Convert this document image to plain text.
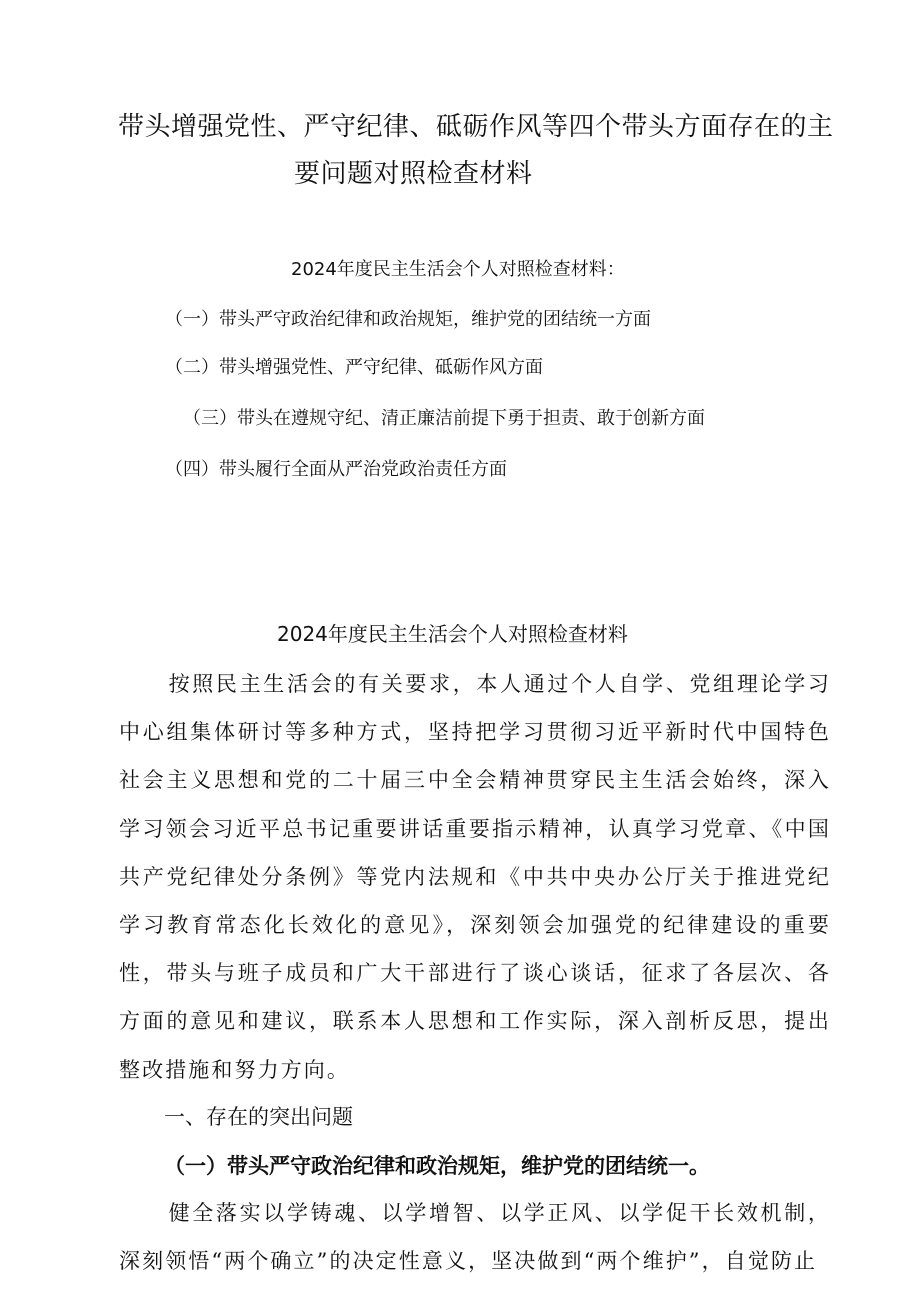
带头增强党性、严守纪律、砥砺作风等四个带头方面存在的主
要问题对照检查材料
2024年度民主生活会个人对照检查材料：
（一）带头严守政治纪律和政治规矩，维护党的团结统一方面
（二）带头增强党性、严守纪律、砥砺作风方面
（三）带头在遵规守纪、清正廉洁前提下勇于担责、敢于创新方面
（四）带头履行全面从严治党政治责任方面
2024年度民主生活会个人对照检查材料
按照民主生活会的有关要求，本人通过个人自学、党组理论学习中心组集体研讨等多种方式，坚持把学习贯彻习近平新时代中国特色社会主义思想和党的二十届三中全会精神贯穿民主生活会始终，深入学习领会习近平总书记重要讲话重要指示精神，认真学习党章、《中国共产党纪律处分条例》等党内法规和《中共中央办公厅关于推进党纪学习教育常态化长效化的意见》，深刻领会加强党的纪律建设的重要性，带头与班子成员和广大干部进行了谈心谈话，征求了各层次、各方面的意见和建议，联系本人思想和工作实际，深入剖析反思，提出整改措施和努力方向。
一、存在的突出问题
（一）带头严守政治纪律和政治规矩，维护党的团结统一。
健全落实以学铸魂、以学增智、以学正风、以学促干长效机制，深刻领悟“两个确立”的决定性意义，坚决做到“两个维护”，自觉防止
